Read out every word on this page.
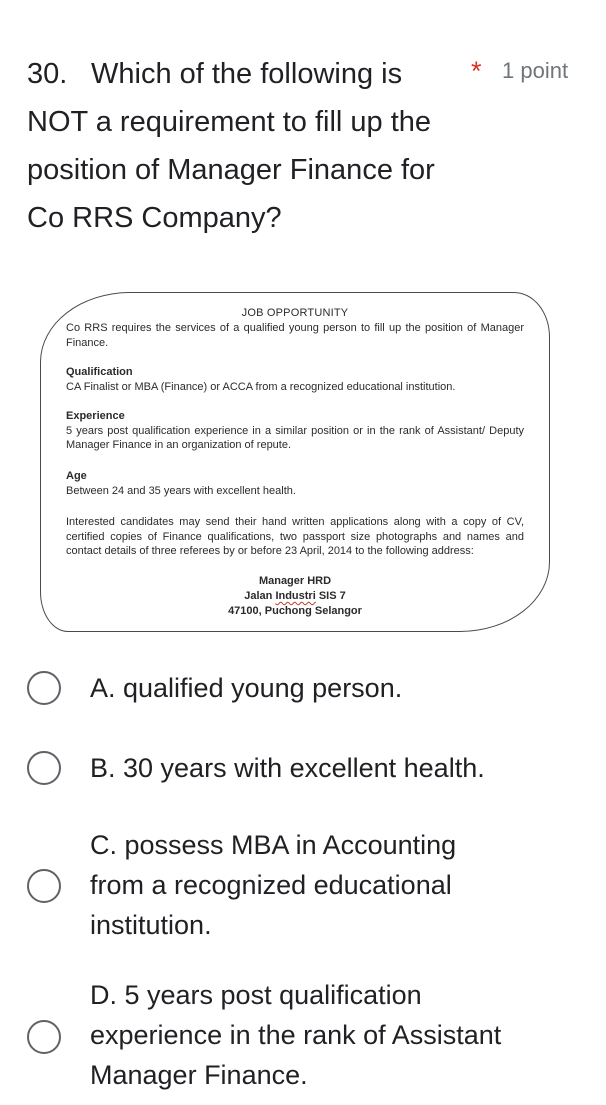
30. Which of the following is NOT a requirement to fill up the position of Manager Finance for Co RRS Company?
* 1 point
JOB OPPORTUNITY
Co RRS requires the services of a qualified young person to fill up the position of Manager Finance.
Qualification
CA Finalist or MBA (Finance) or ACCA from a recognized educational institution.
Experience
5 years post qualification experience in a similar position or in the rank of Assistant/ Deputy Manager Finance in an organization of repute.
Age
Between 24 and 35 years with excellent health.
Interested candidates may send their hand written applications along with a copy of CV, certified copies of Finance qualifications, two passport size photographs and names and contact details of three referees by or before 23 April, 2014 to the following address:
Manager HRD
Jalan Industri SIS 7
47100, Puchong Selangor
A. qualified young person.
B. 30 years with excellent health.
C. possess MBA in Accounting from a recognized educational institution.
D. 5 years post qualification experience in the rank of Assistant Manager Finance.
